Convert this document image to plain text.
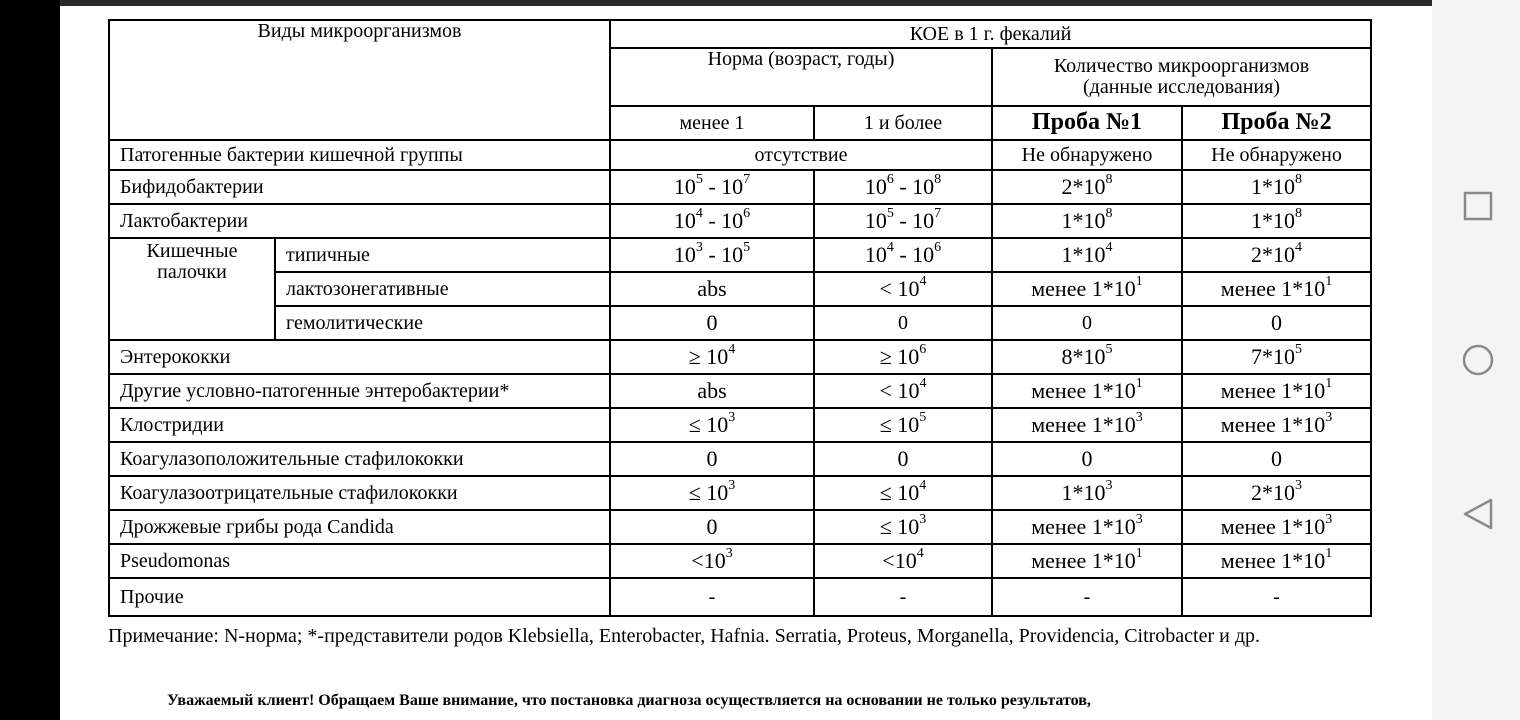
Виды микроорганизмов		КОЕ в 1 г. фекалий			
		Норма (возраст, годы)		Количество микроорганизмов
(данные исследования)	

		менее 1	1 и более	Проба №1	Проба №2
Патогенные бактерии кишечной группы		отсутствие		Не обнаружено	Не обнаружено
Бифидобактерии		$10^5 - 10^7$	$10^6 - 10^8$	$2*10^8$	$1*10^8$
Лактобактерии		$10^4 - 10^6$	$10^5 - 10^7$	$1*10^8$	$1*10^8$

Кишечные
палочки	типичные	$10^3 - 10^5$	$10^4 - 10^6$	$1*10^4$	$2*10^4$
	лактозонегативные	abs	< $10^4$	менее $1*10^1$	менее $1*10^1$
	гемолитические	0	0	0	0
Энтерококки		≥ $10^4$	≥ $10^6$	$8*10^5$	$7*10^5$
Другие условно-патогенные энтеробактерии*		abs	< $10^4$	менее $1*10^1$	менее $1*10^1$
Клостридии		≤ $10^3$	≤ $10^5$	менее $1*10^3$	менее $1*10^3$
Коагулазоположительные стафилококки		0	0	0	0
Коагулазоотрицательные стафилококки		≤ $10^3$	≤ $10^4$	$1*10^3$	$2*10^3$
Дрожжевые грибы рода Candida		0	≤ $10^3$	менее $1*10^3$	менее $1*10^3$
Pseudomonas		$<10^3$	$<10^4$	менее $1*10^1$	менее $1*10^1$
Прочие		-	-	-	-
Примечание: N-норма; *-представители родов Klebsiella, Enterobacter, Hafnia. Serratia, Proteus, Morganella, Providencia, Citrobacter и др.
Уважаемый клиент! Обращаем Ваше внимание, что постановка диагноза осуществляется на основании не только результатов,
